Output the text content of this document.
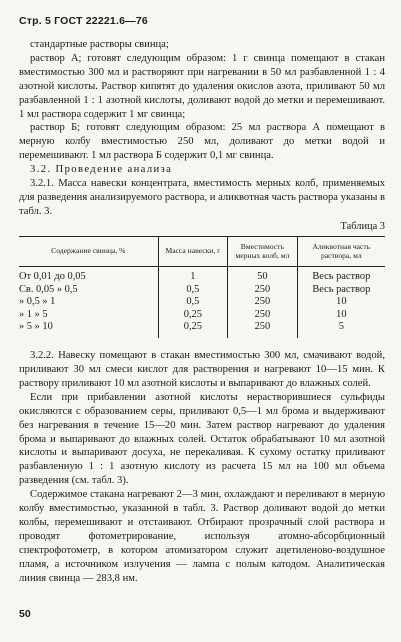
Стр. 5 ГОСТ 22221.6—76

стандартные растворы свинца;

раствор А; готовят следующим образом: 1 г свинца помещают в стакан вместимостью 300 мл и растворяют при нагревании в 50 мл разбавленной 1 : 4 азотной кислоты. Раствор кипятят до удаления окислов азота, приливают 50 мл разбавленной 1 : 1 азотной кислоты, доливают водой до метки и перемешивают. 1 мл раствора содержит 1 мг свинца;

раствор Б; готовят следующим образом: 25 мл раствора А помещают в мерную колбу вместимостью 250 мл, доливают до метки водой и перемешивают. 1 мл раствора Б содержит 0,1 мг свинца.

3.2. Проведение анализа

3.2.1. Масса навески концентрата, вместимость мерных колб, применяемых для разведения анализируемого раствора, и аликвотная часть раствора указаны в табл. 3.

Таблица 3
Содержание свинца, %	Масса навески, г	Вместимость мерных колб, мл	Аликвотная часть раствора, мл
От 0,01 до 0,05	1	50	Весь раствор
Св. 0,05 » 0,5	0,5	250	Весь раствор
» 0,5 » 1	0,5	250	10
» 1 » 5	0,25	250	10
» 5 » 10	0,25	250	5

3.2.2. Навеску помещают в стакан вместимостью 300 мл, смачивают водой, приливают 30 мл смеси кислот для растворения и нагревают 10—15 мин. К раствору приливают 10 мл азотной кислоты и выпаривают до влажных солей.

Если при прибавлении азотной кислоты нерастворившиеся сульфиды окисляются с образованием серы, приливают 0,5—1 мл брома и выдерживают без нагревания в течение 15—20 мин. Затем раствор нагревают до удаления брома и выпаривают до влажных солей. Остаток обрабатывают 10 мл азотной кислоты и выпаривают досуха, не перекаливая. К сухому остатку приливают разбавленную 1 : 1 азотную кислоту из расчета 15 мл на 100 мл объема разведения (см. табл. 3).

Содержимое стакана нагревают 2—3 мин, охлаждают и переливают в мерную колбу вместимостью, указанной в табл. 3. Раствор доливают водой до метки колбы, перемешивают и отстаивают. Отбирают прозрачный слой раствора и проводят фотометрирование, используя атомно-абсорбционный спектрофотометр, в котором атомизатором служит ацетиленово-воздушное пламя, а источником излучения — лампа с полым катодом. Аналитическая линия свинца — 283,8 нм.

50
